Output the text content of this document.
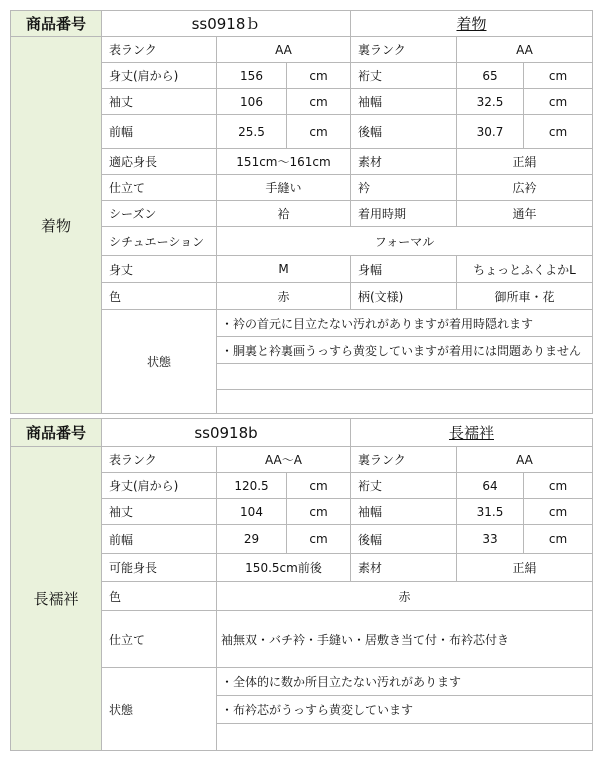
商品番号	ss0918ｂ	着物
着物
表ランク	AA	裏ランク	AA
身丈(肩から)	156	cm	裄丈	65	cm
袖丈	106	cm	袖幅	32.5	cm
前幅	25.5	cm	後幅	30.7	cm
適応身長	151cm～161cm	素材	正絹
仕立て	手縫い	衿	広衿
シーズン	袷	着用時期	通年
シチュエーション	フォーマル
身丈	M	身幅	ちょっとふくよかL
色	赤	柄(文様)	御所車・花
状態
・衿の首元に目立たない汚れがありますが着用時隠れます
・胴裏と衿裏画うっすら黄変していますが着用には問題ありません
商品番号	ss0918b	長襦袢
長襦袢
表ランク	AA～A	裏ランク	AA
身丈(肩から)	120.5	cm	裄丈	64	cm
袖丈	104	cm	袖幅	31.5	cm
前幅	29	cm	後幅	33	cm
可能身長	150.5cm前後	素材	正絹
色	赤
仕立て	袖無双・バチ衿・手縫い・居敷き当て付・布衿芯付き
状態
・全体的に数か所目立たない汚れがあります
・布衿芯がうっすら黄変しています
